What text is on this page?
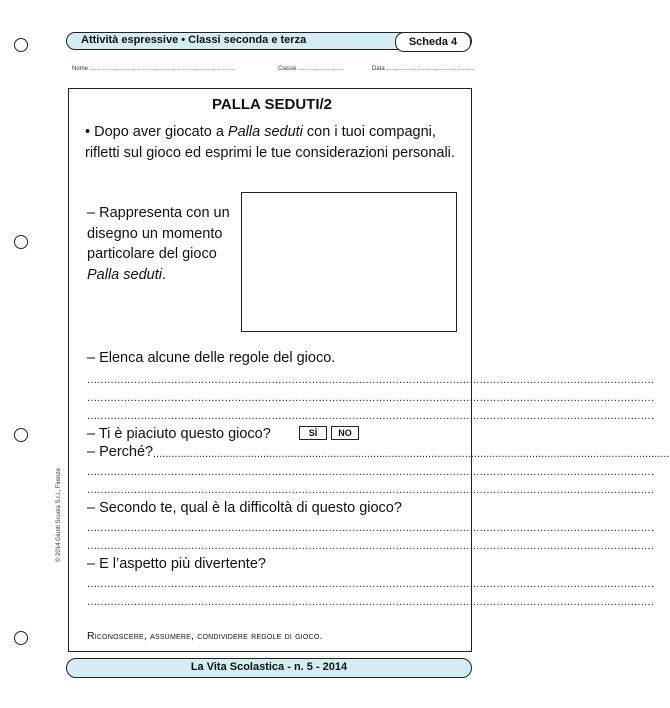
Attività espressive • Classi seconda e terza	Scheda 4
Nome .......................................................................................	Classe ...........................	Data .....................................................
PALLA SEDUTI/2
• Dopo aver giocato a Palla seduti con i tuoi compagni, rifletti sul gioco ed esprimi le tue considerazioni personali.
– Rappresenta con un disegno un momento particolare del gioco Palla seduti.
– Elenca alcune delle regole del gioco.
.........................................................................................................................................................................
.........................................................................................................................................................................
.........................................................................................................................................................................
– Ti è piaciuto questo gioco?	SÌ	NO
– Perché? .........................................................................................................................................................................
.........................................................................................................................................................................
.........................................................................................................................................................................
– Secondo te, qual è la difficoltà di questo gioco?
.........................................................................................................................................................................
.........................................................................................................................................................................
– E l’aspetto più divertente?
.........................................................................................................................................................................
.........................................................................................................................................................................
Riconoscere, assumere, condividere regole di gioco.
© 2014 Giunti Scuola S.r.l., Firenze
La Vita Scolastica - n. 5 - 2014
